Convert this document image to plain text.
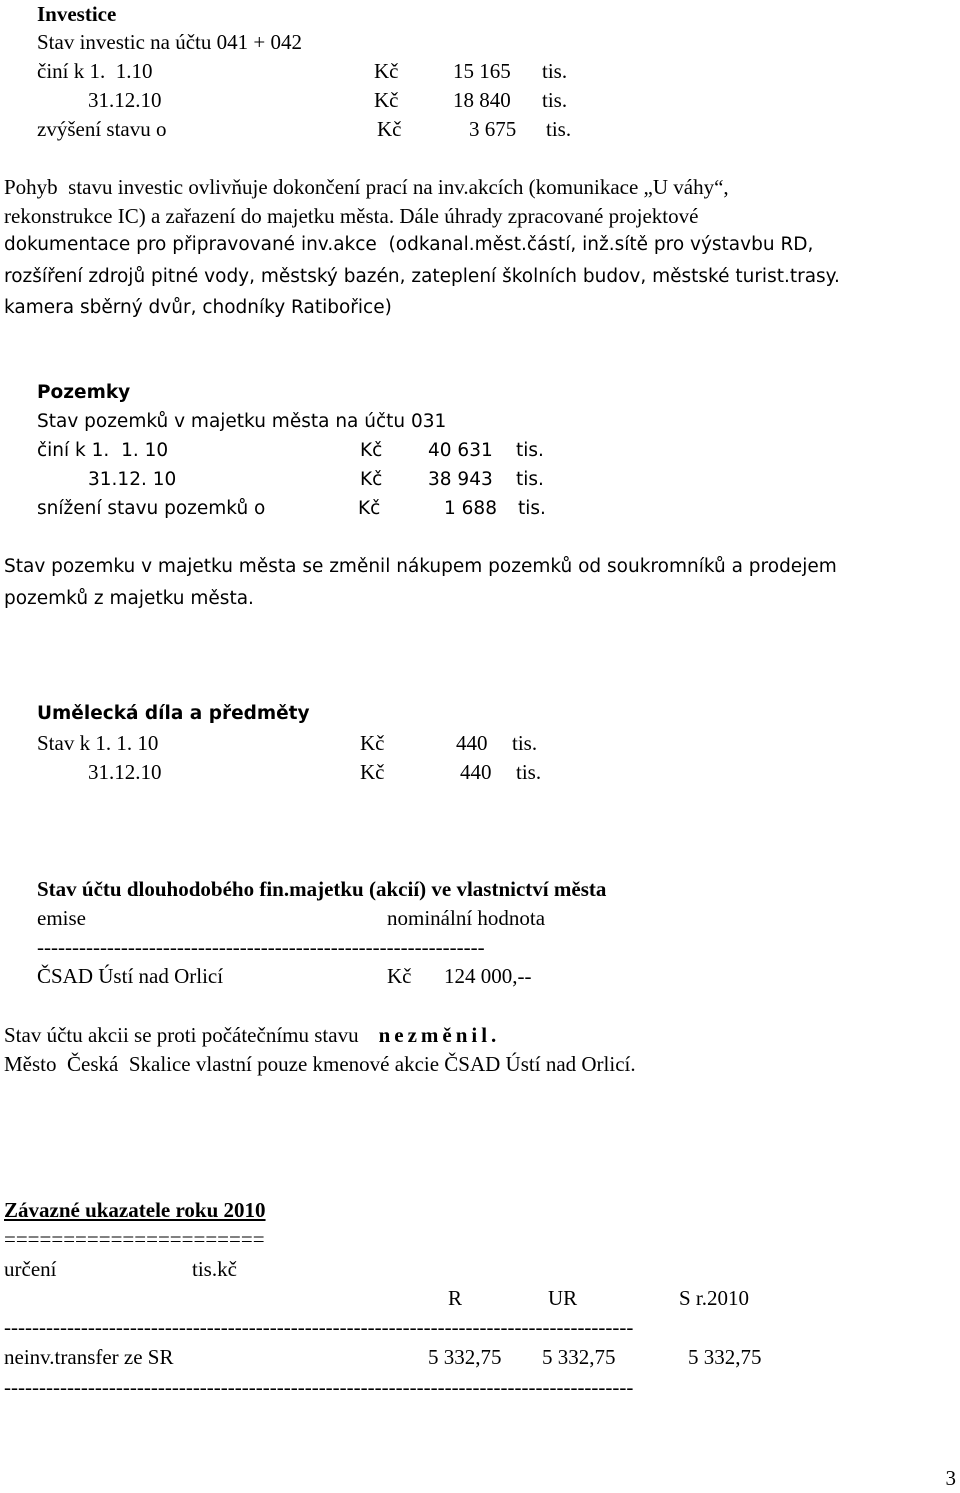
Investice
Stav investic na účtu 041 + 042
činí k 1.  1.10	Kč	15 165 tis.
31.12.10	Kč	18 840 tis.
zvýšení stavu o	Kč	3 675 tis.
Pohyb  stavu investic ovlivňuje dokončení prací na inv.akcích (komunikace „U váhy“,
rekonstrukce IC) a zařazení do majetku města. Dále úhrady zpracované projektové
dokumentace pro připravované inv.akce  (odkanal.měst.částí, inž.sítě pro výstavbu RD,
rozšíření zdrojů pitné vody, městský bazén, zateplení školních budov, městské turist.trasy.
kamera sběrný dvůr, chodníky Ratibořice)
Pozemky
Stav pozemků v majetku města na účtu 031
činí k 1.  1. 10	Kč 40 631 tis.
31.12. 10	Kč 38 943 tis.
snížení stavu pozemků o	Kč	1 688 tis.
Stav pozemku v majetku města se změnil nákupem pozemků od soukromníků a prodejem
pozemků z majetku města.
Umělecká díla a předměty
Stav k 1. 1. 10	Kč	440 tis.
31.12.10	Kč	440 tis.
Stav účtu dlouhodobého fin.majetku (akcií) ve vlastnictví města
emise	nominální hodnota
----------------------------------------------------------------
ČSAD Ústí nad Orlicí	Kč 124 000,--
Stav účtu akcii se proti počátečnímu stavu nezměnil.
Město  Česká  Skalice vlastní pouze kmenové akcie ČSAD Ústí nad Orlicí.
Závazné ukazatele roku 2010
======================
určení	tis.kč
R	UR	S r.2010
------------------------------------------------------------------------------------------
neinv.transfer ze SR	5 332,75 5 332,75	5 332,75
------------------------------------------------------------------------------------------
3
